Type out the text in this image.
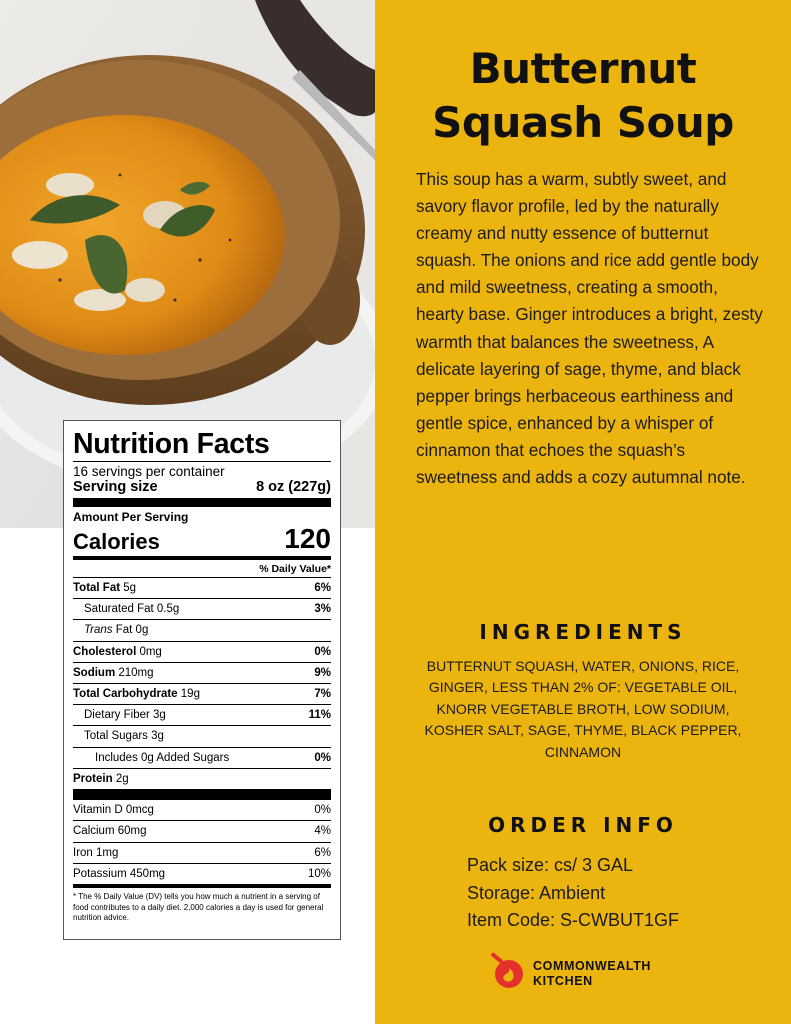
Butternut
Squash Soup

This soup has a warm, subtly sweet, and savory flavor profile, led by the naturally creamy and nutty essence of butternut squash. The onions and rice add gentle body and mild sweetness, creating a smooth, hearty base. Ginger introduces a bright, zesty warmth that balances the sweetness, A delicate layering of sage, thyme, and black pepper brings herbaceous earthiness and gentle spice, enhanced by a whisper of cinnamon that echoes the squash’s sweetness and adds a cozy autumnal note.

INGREDIENTS

BUTTERNUT SQUASH, WATER, ONIONS, RICE, GINGER, LESS THAN 2% OF: VEGETABLE OIL, KNORR VEGETABLE BROTH, LOW SODIUM, KOSHER SALT, SAGE, THYME, BLACK PEPPER, CINNAMON

ORDER INFO
Pack size: cs/ 3 GAL
Storage: Ambient
Item Code: S-CWBUT1GF
COMMONWEALTH
KITCHEN
Nutrition Facts
16 servings per container
Serving size	8 oz (227g)
Amount Per Serving
Calories	120
% Daily Value*
Total Fat 5g	6%
Saturated Fat 0.5g	3%
Trans Fat 0g
Cholesterol 0mg	0%
Sodium 210mg	9%
Total Carbohydrate 19g	7%
Dietary Fiber 3g	11%
Total Sugars 3g
Includes 0g Added Sugars	0%
Protein 2g
Vitamin D 0mcg	0%
Calcium 60mg	4%
Iron 1mg	6%
Potassium 450mg	10%
* The % Daily Value (DV) tells you how much a nutrient in a serving of food contributes to a daily diet. 2,000 calories a day is used for general nutrition advice.
